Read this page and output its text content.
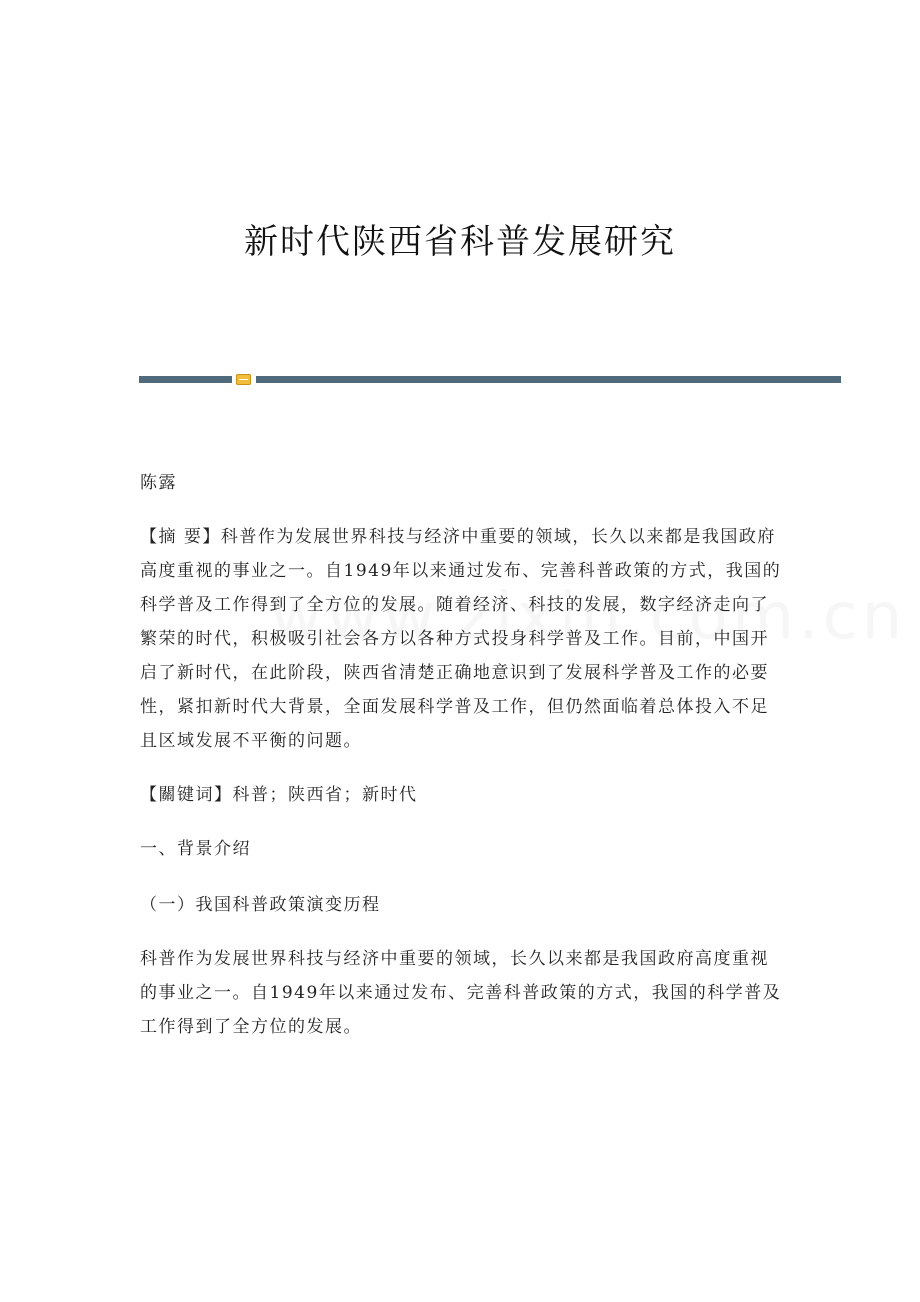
新时代陕西省科普发展研究

陈露

【摘 要】科普作为发展世界科技与经济中重要的领域，长久以来都是我国政府高度重视的事业之一。自1949年以来通过发布、完善科普政策的方式，我国的科学普及工作得到了全方位的发展。随着经济、科技的发展，数字经济走向了繁荣的时代，积极吸引社会各方以各种方式投身科学普及工作。目前，中国开启了新时代，在此阶段，陕西省清楚正确地意识到了发展科学普及工作的必要性，紧扣新时代大背景，全面发展科学普及工作，但仍然面临着总体投入不足且区域发展不平衡的问题。

【關键词】科普；陕西省；新时代

一、背景介绍

（一）我国科普政策演变历程

科普作为发展世界科技与经济中重要的领域，长久以来都是我国政府高度重视的事业之一。自1949年以来通过发布、完善科普政策的方式，我国的科学普及工作得到了全方位的发展。
